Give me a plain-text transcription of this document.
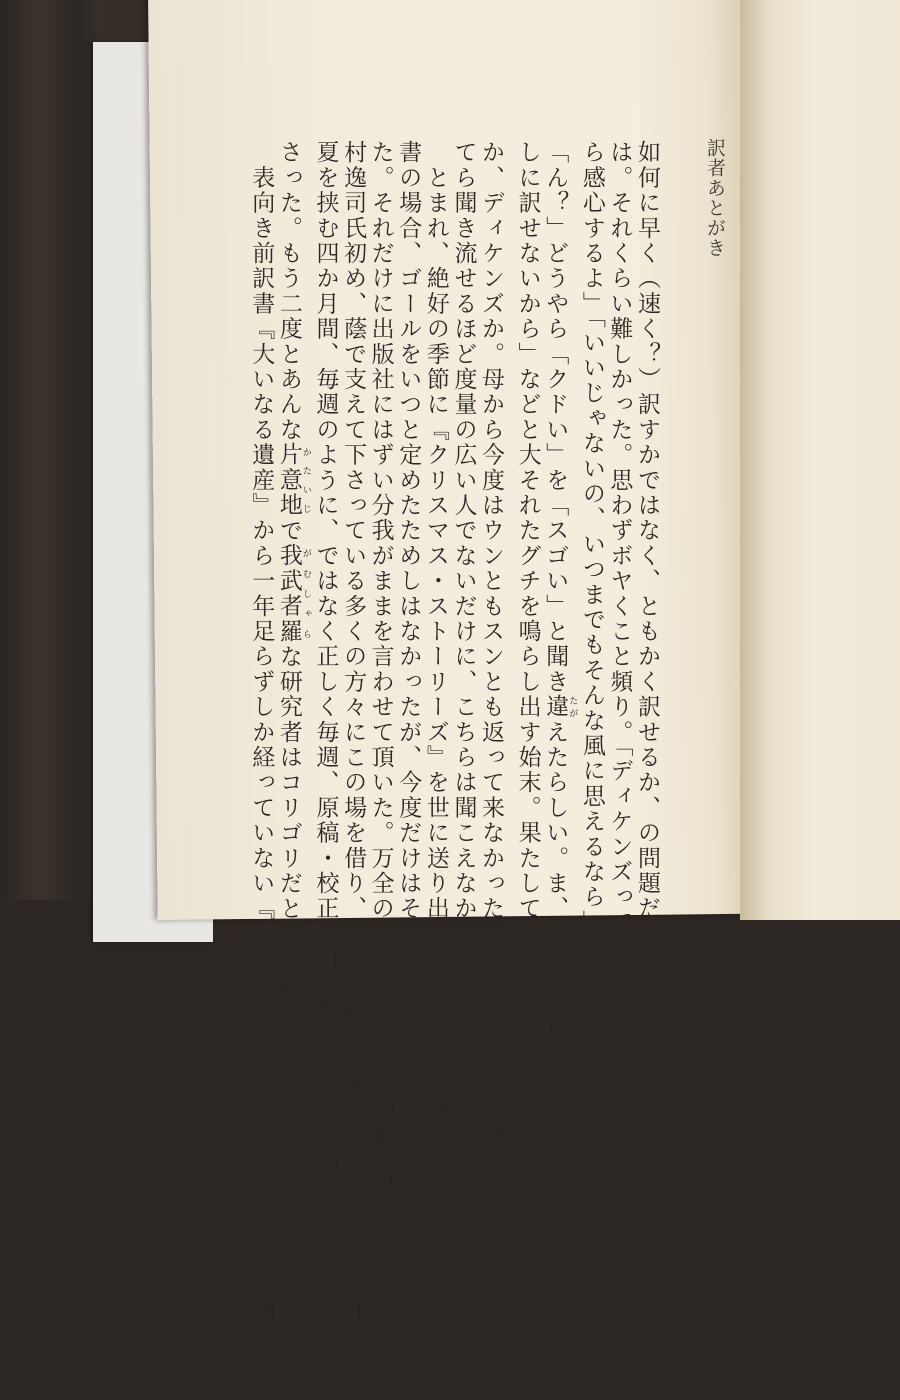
訳者あとがき
如何に早く（速く？）訳すかではなく、ともかく訳せるか、の問題だった、『クリスマス・ストーリーズ』
は。それくらい難しかった。思わずボヤくこと頻り。「ディケンズってこんなにクドかったかね？　今さらなが
ら感心するよ」「いいじゃないの、いつまでもそんな風に思えるなら」とは母から返って来た意外な言葉。
「ん？」どうやら「クドい」を「スゴい」と聞き違 たがえたらしい。ま、いっか。果ては「ここはコリンズよ、わた
しに訳せないから」などと大それたグチを鳴らし出す始末。果たして天国でクシャミをしたのはコリンズ先生
か、ディケンズか。母から今度はウンともスンとも返って来なかった。曲がりなりにも何か耳にしてなお窘 たしなめ
てら聞き流せるほど度量の広い人でないだけに、こちらは聞こえなかったこと請け合い。やれやれ。
　とまれ、絶好の季節に『クリスマス・ストーリーズ』を世に送り出せるとは訳者冥加に尽きる。これまでの訳
書の場合、ゴールをいつと定めたためしはなかったが、今度だけはその意味での心地好いプレッシャーはあ
た。それだけに出版社にはずい分我がままを言わせて頂いた。万全の態勢で御尽力・御指導賜った渓水社社長
村逸司氏初め、蔭で支えて下さっている多くの方々にこの場を借り、篤くお礼申し上げたい。わけても社長は
夏を挟む四か月間、毎週のように、ではなく正しく毎週、原稿・校正の引き渡しのために拙宅まで足を運んで
さった。もう二度とあんな片意地 かたいじで我武者羅 がむしゃらな研究者はコリゴリだと言われぬことを祈るばかりだ。
　表向き前訳書『大いなる遺産』から一年足らずしか経っていない『クリスマス・ストーリーズ』は、因みに、
